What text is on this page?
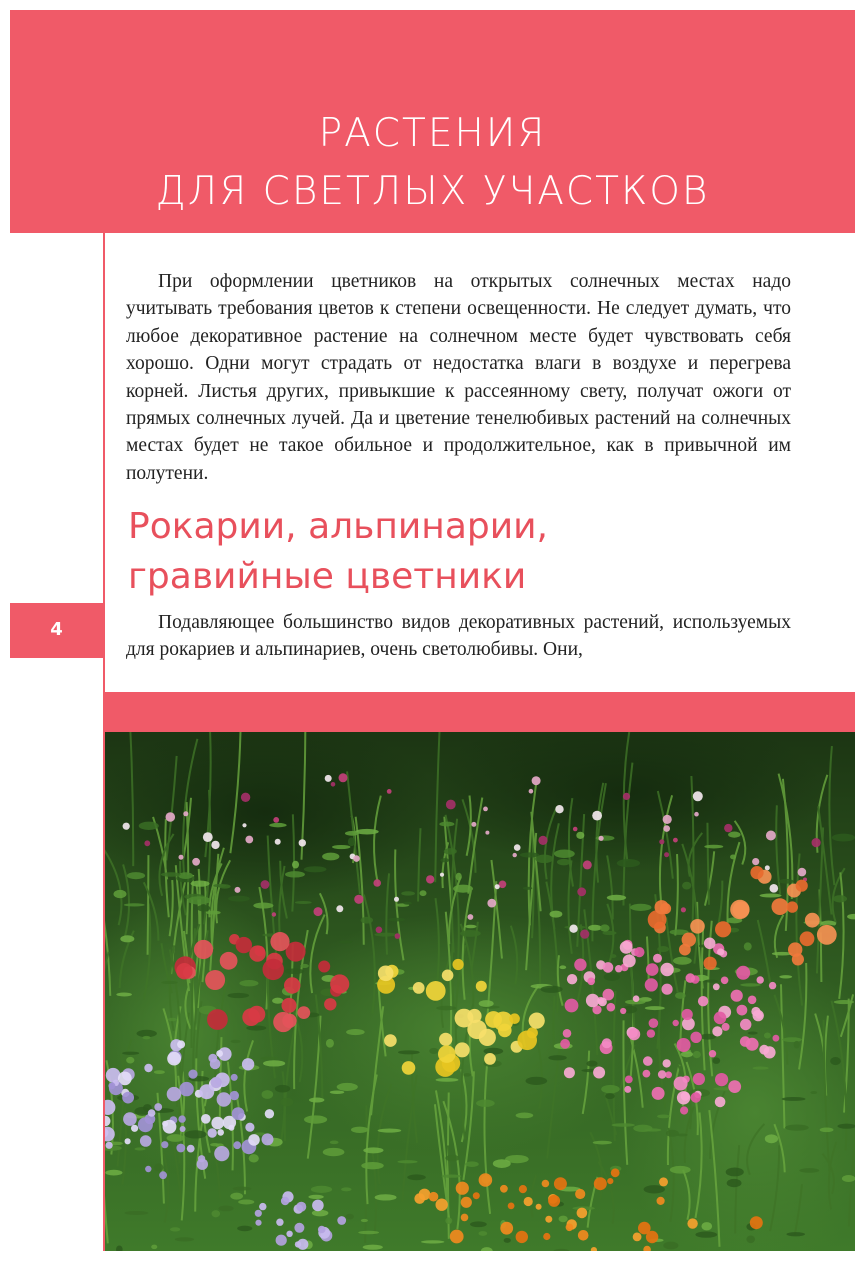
РАСТЕНИЯ
ДЛЯ СВЕТЛЫХ УЧАСТКОВ
4

При оформлении цветников на открытых солнечных местах надо учитывать требования цветов к степени освещенности. Не следует думать, что любое декоративное растение на солнечном месте будет чувствовать себя хорошо. Одни могут страдать от недостатка влаги в воздухе и перегрева корней. Листья других, привыкшие к рассеянному свету, получат ожоги от прямых солнечных лучей. Да и цветение тенелюбивых растений на солнечных местах будет не такое обильное и продолжительное, как в привычной им полутени.

Рокарии, альпинарии,
гравийные цветники

Подавляющее большинство видов декоративных растений, используемых для рокариев и альпинариев, очень светолюбивы. Они,
